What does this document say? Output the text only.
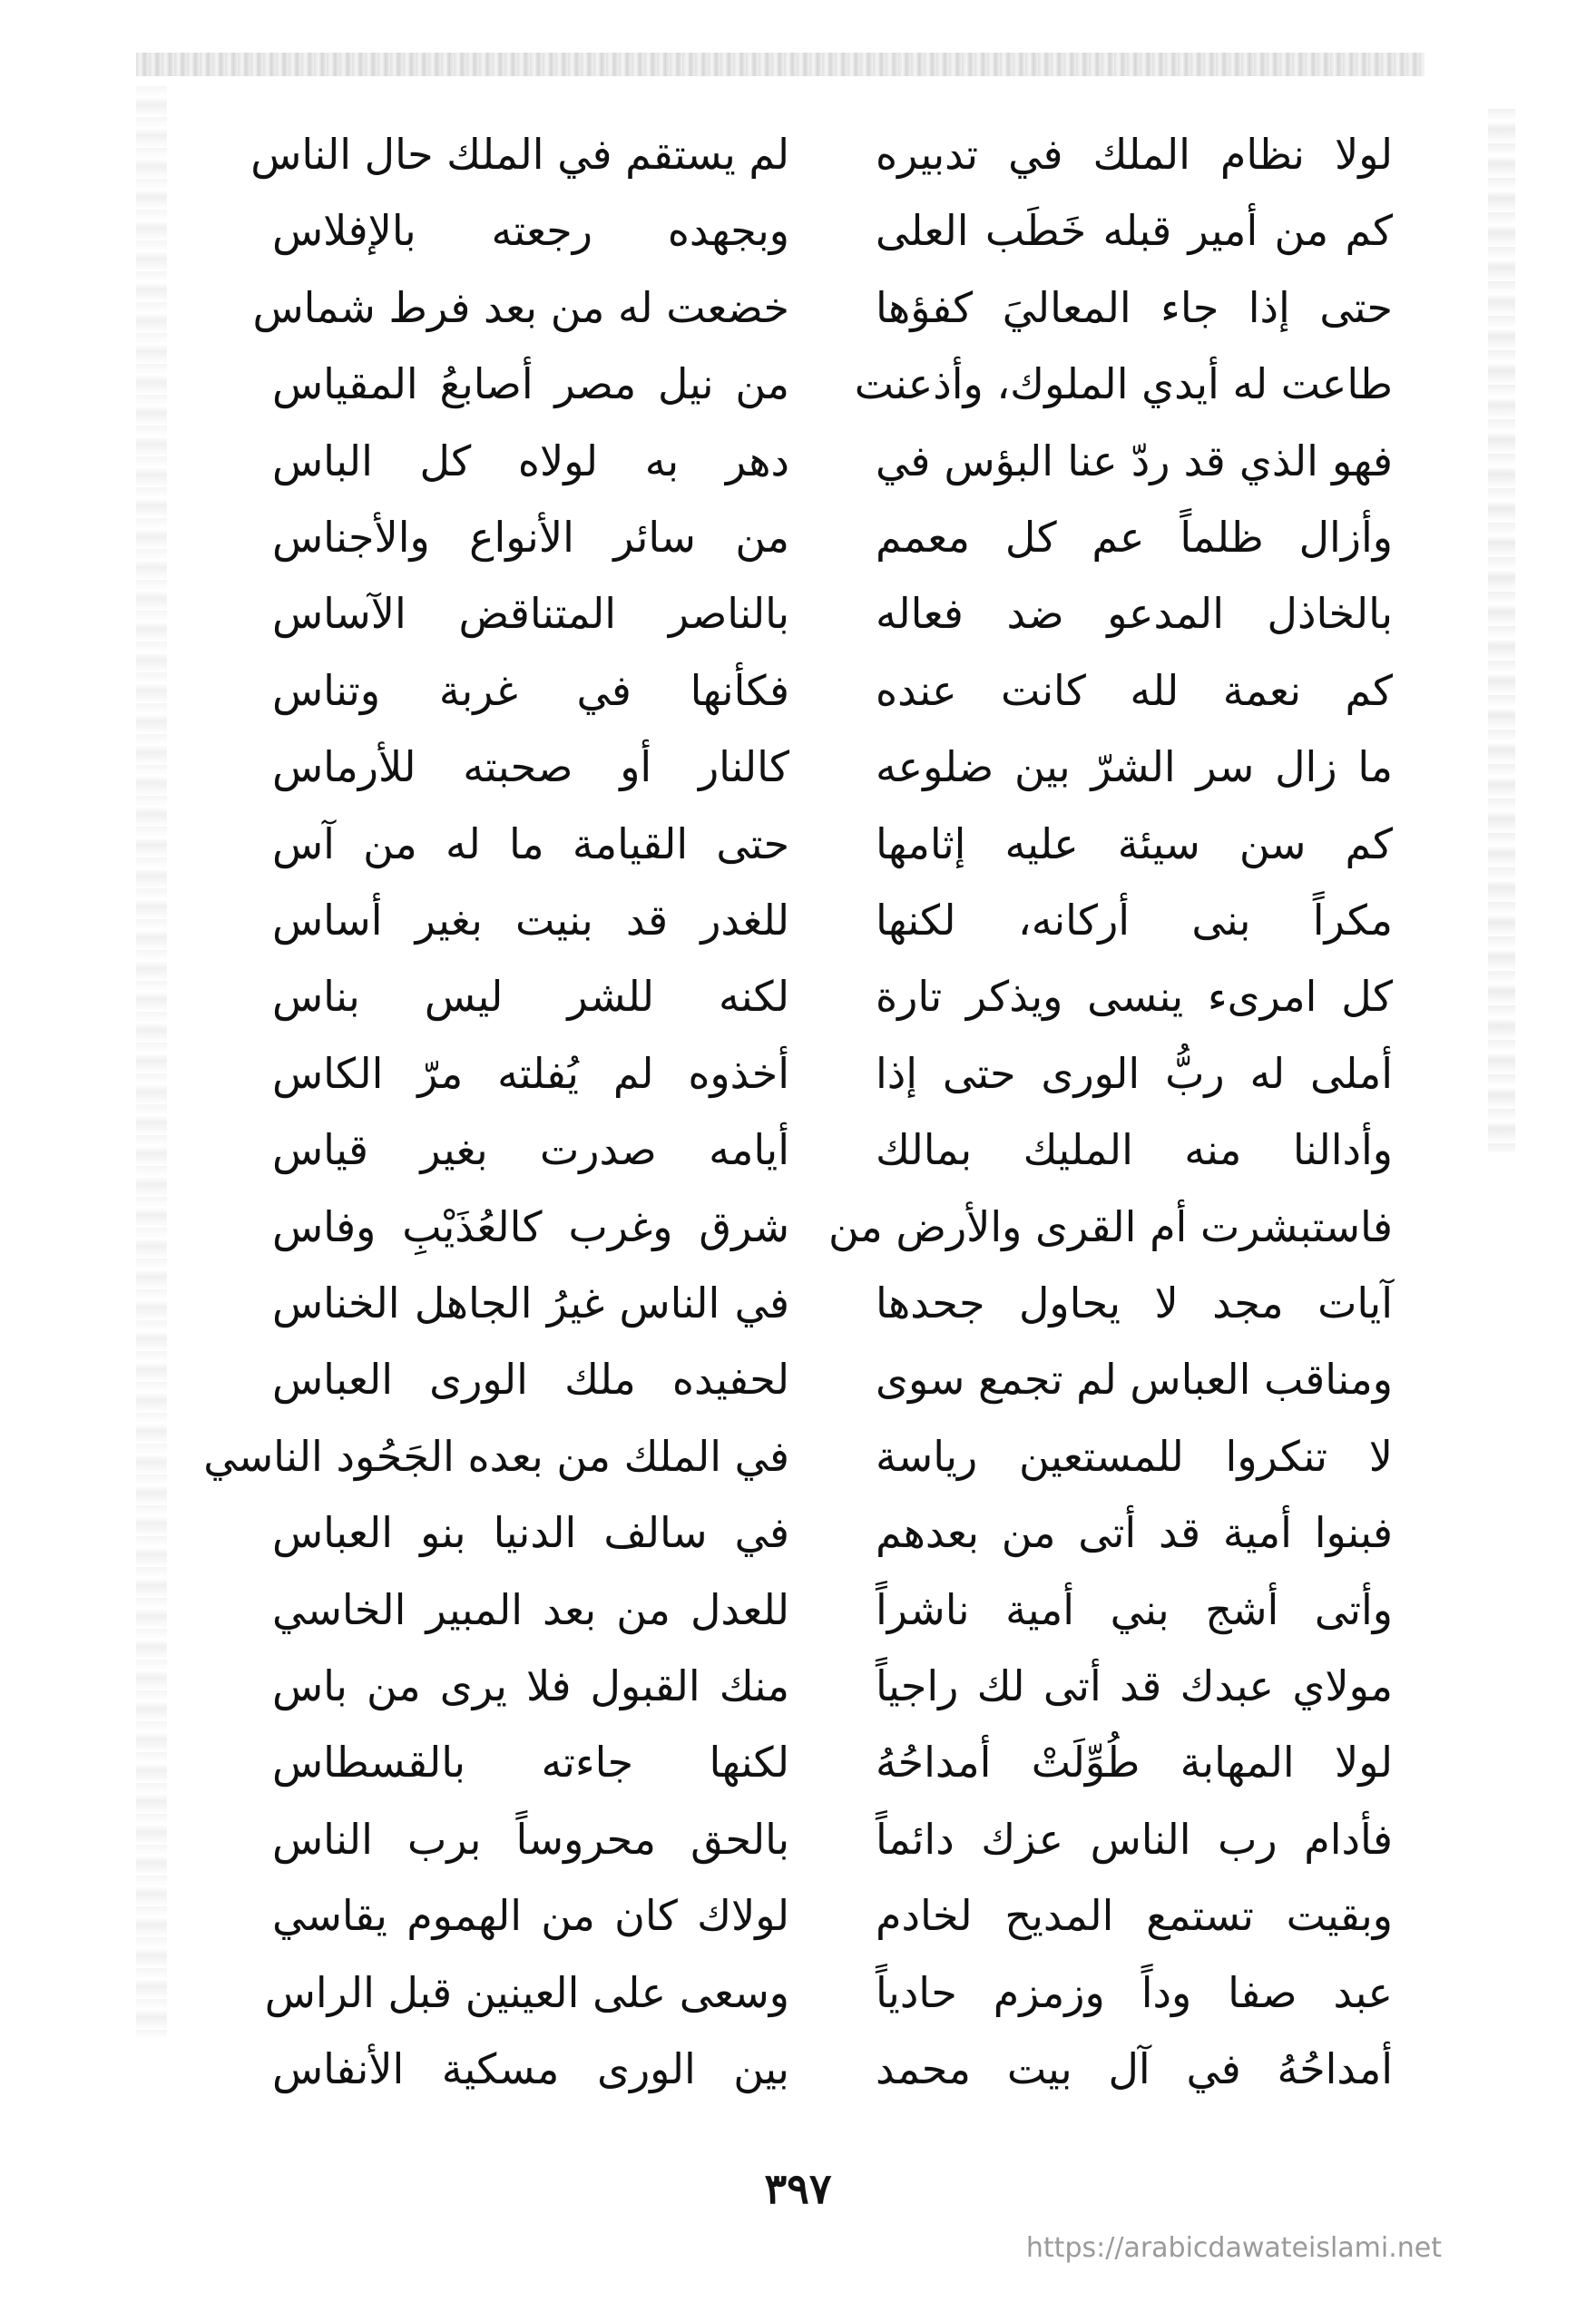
لولا نظام الملك في تدبيره
لم يستقم في الملك حال الناس
كم من أمير قبله خَطَب العلى
وبجهده رجعته بالإفلاس
حتى إذا جاء المعاليَ كفؤها
خضعت له من بعد فرط شماس
طاعت له أيدي الملوك، وأذعنت
من نيل مصر أصابعُ المقياس
فهو الذي قد ردّ عنا البؤس في
دهر به لولاه كل الباس
وأزال ظلماً عم كل معمم
من سائر الأنواع والأجناس
بالخاذل المدعو ضد فعاله
بالناصر المتناقض الآساس
كم نعمة لله كانت عنده
فكأنها في غربة وتناس
ما زال سر الشرّ بين ضلوعه
كالنار أو صحبته للأرماس
كم سن سيئة عليه إثامها
حتى القيامة ما له من آس
مكراً بنى أركانه، لكنها
للغدر قد بنيت بغير أساس
كل امرىء ينسى ويذكر تارة
لكنه للشر ليس بناس
أملى له ربُّ الورى حتى إذا
أخذوه لم يُفلته مرّ الكاس
وأدالنا منه المليك بمالك
أيامه صدرت بغير قياس
فاستبشرت أم القرى والأرض من
شرق وغرب كالعُذَيْبِ وفاس
آيات مجد لا يحاول جحدها
في الناس غيرُ الجاهل الخناس
ومناقب العباس لم تجمع سوى
لحفيده ملك الورى العباس
لا تنكروا للمستعين رياسة
في الملك من بعده الجَحُود الناسي
فبنوا أمية قد أتى من بعدهم
في سالف الدنيا بنو العباس
وأتى أشج بني أمية ناشراً
للعدل من بعد المبير الخاسي
مولاي عبدك قد أتى لك راجياً
منك القبول فلا يرى من باس
لولا المهابة طُوِّلَتْ أمداحُهُ
لكنها جاءته بالقسطاس
فأدام رب الناس عزك دائماً
بالحق محروساً برب الناس
وبقيت تستمع المديح لخادم
لولاك كان من الهموم يقاسي
عبد صفا وداً وزمزم حادياً
وسعى على العينين قبل الراس
أمداحُهُ في آل بيت محمد
بين الورى مسكية الأنفاس
٣٩٧
https://arabicdawateislami.net
